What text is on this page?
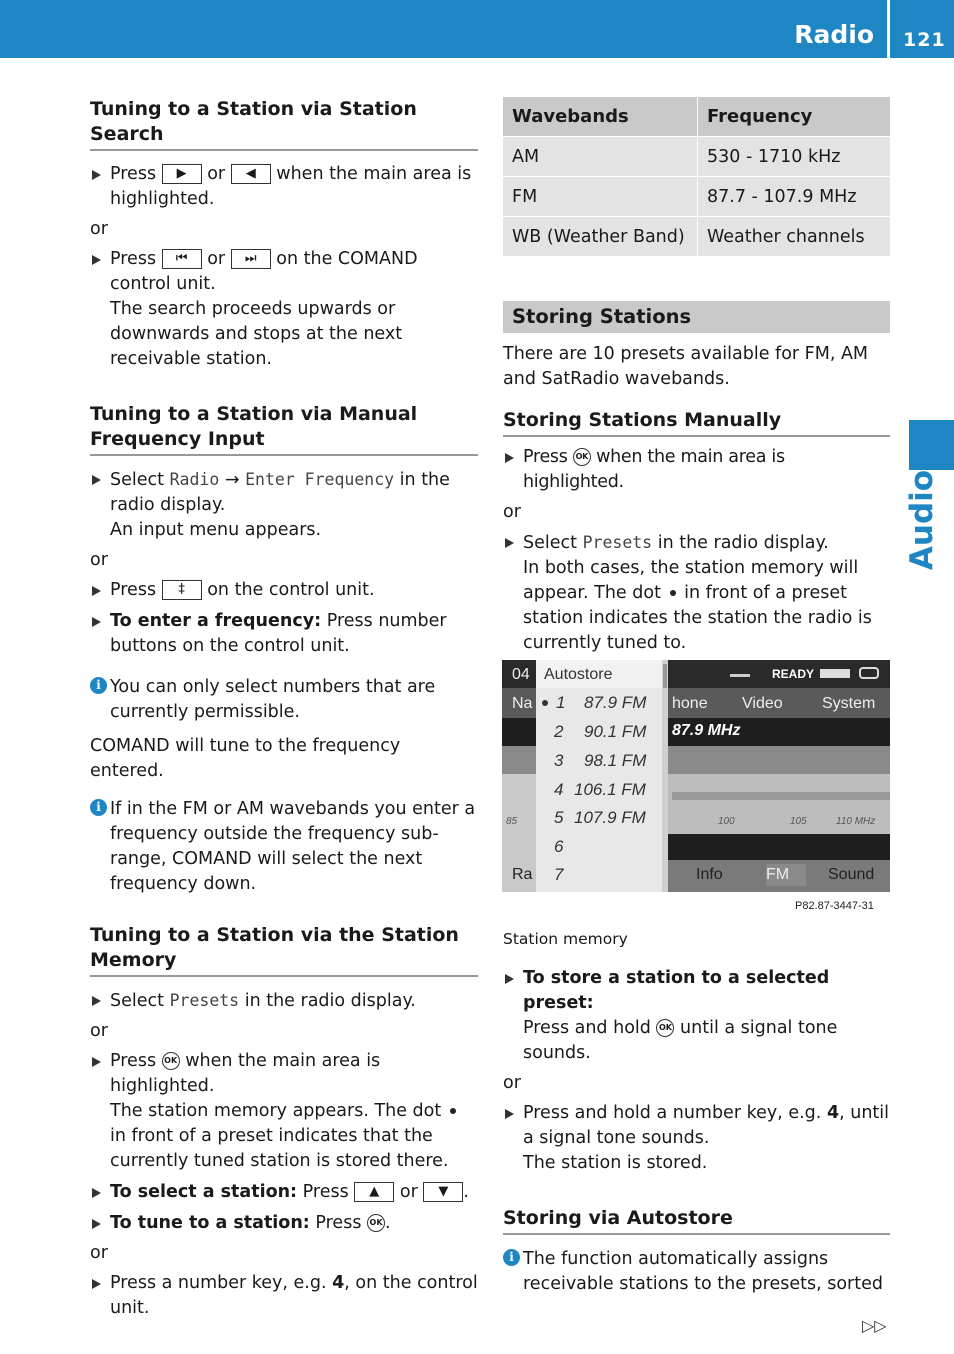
Radio 121
Audio
Tuning to a Station via Station Search
Press ▶ or ◀ when the main area is highlighted.
or
Press ⏮ or ⏭ on the COMAND control unit.
The search proceeds upwards or downwards and stops at the next receivable station.
Tuning to a Station via Manual Frequency Input
Select Radio → Enter Frequency in the radio display.
An input menu appears.
or
Press ‡ on the control unit.
To enter a frequency: Press number buttons on the control unit.
i You can only select numbers that are currently permissible.
COMAND will tune to the frequency entered.
i If in the FM or AM wavebands you enter a frequency outside the frequency sub-range, COMAND will select the next frequency down.
Tuning to a Station via the Station Memory
Select Presets in the radio display.
or
Press OK when the main area is highlighted.
The station memory appears. The dot  in front of a preset indicates that the currently tuned station is stored there.
To select a station: Press ▲ or ▼ .
To tune to a station: Press OK .
or
Press a number key, e.g. 4, on the control unit.
Wavebands	Frequency
AM	530 - 1710 kHz
FM	87.7 - 107.9 MHz
WB (Weather Band)	Weather channels
Storing Stations
There are 10 presets available for FM, AM and SatRadio wavebands.
Storing Stations Manually
Press OK when the main area is highlighted.
or
Select Presets in the radio display.
In both cases, the station memory will appear. The dot in front of a preset station indicates the station the radio is currently tuned to.
04
Na
Ra
Autostore	READY
1 87.9 FM
2 90.1 FM
3 98.1 FM
4 106.1 FM
5 107.9 FM
6
7
hone Video System
87.9 MHz
85	100	105	110 MHz
Info	FM Sound
P82.87-3447-31
Station memory
To store a station to a selected preset:
Press and hold OK until a signal tone sounds.
or
Press and hold a number key, e.g. 4, until a signal tone sounds.
The station is stored.
Storing via Autostore
i The function automatically assigns receivable stations to the presets, sorted
▷▷
